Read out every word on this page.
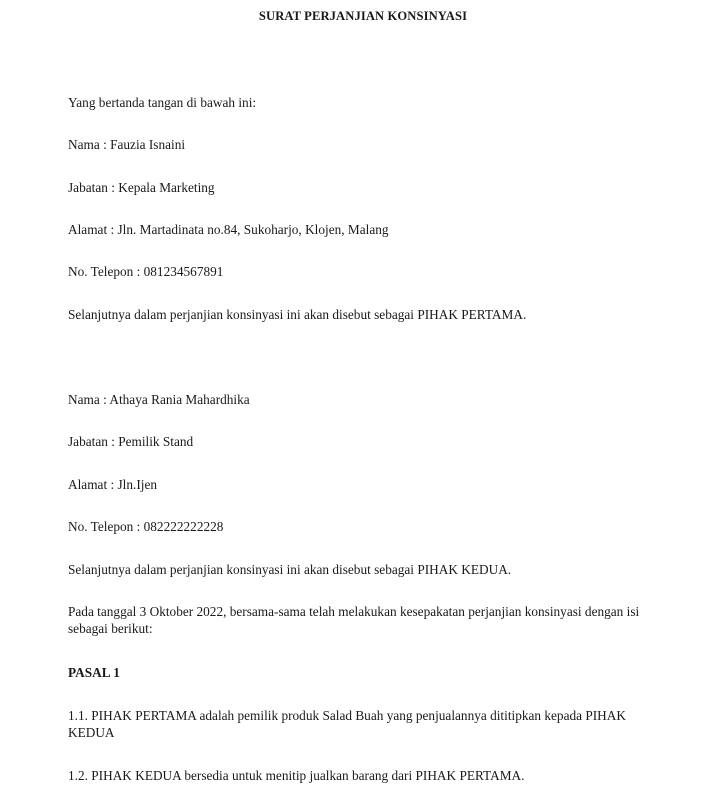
SURAT PERJANJIAN KONSINYASI
Yang bertanda tangan di bawah ini:
Nama : Fauzia Isnaini
Jabatan : Kepala Marketing
Alamat : Jln. Martadinata no.84, Sukoharjo, Klojen, Malang
No. Telepon : 081234567891
Selanjutnya dalam perjanjian konsinyasi ini akan disebut sebagai PIHAK PERTAMA.
Nama : Athaya Rania Mahardhika
Jabatan : Pemilik Stand
Alamat : Jln.Ijen
No. Telepon : 082222222228
Selanjutnya dalam perjanjian konsinyasi ini akan disebut sebagai PIHAK KEDUA.
Pada tanggal 3 Oktober 2022, bersama-sama telah melakukan kesepakatan perjanjian konsinyasi dengan isi sebagai berikut:
PASAL 1
1.1. PIHAK PERTAMA adalah pemilik produk Salad Buah yang penjualannya dititipkan kepada PIHAK KEDUA
1.2. PIHAK KEDUA bersedia untuk menitip jualkan barang dari PIHAK PERTAMA.
